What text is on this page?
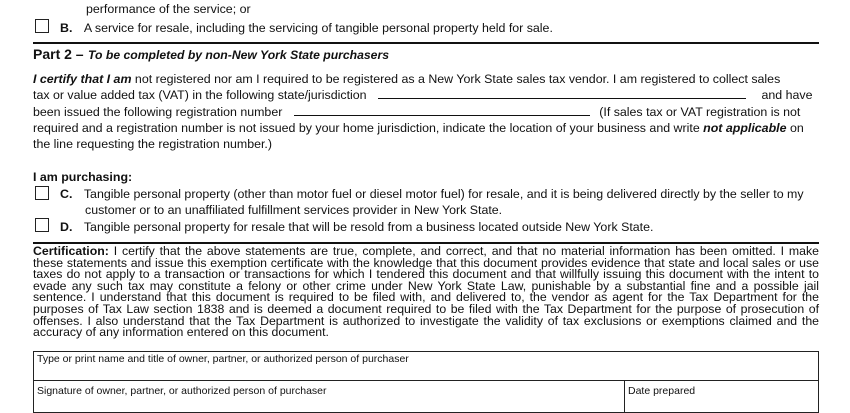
performance of the service; or
B. A service for resale, including the servicing of tangible personal property held for sale.
Part 2 – To be completed by non-New York State purchasers
I certify that I am not registered nor am I required to be registered as a New York State sales tax vendor. I am registered to collect sales
tax or value added tax (VAT) in the following state/jurisdiction	and have
been issued the following registration number	(If sales tax or VAT registration is not
required and a registration number is not issued by your home jurisdiction, indicate the location of your business and write not applicable on
the line requesting the registration number.)
I am purchasing:
C. Tangible personal property (other than motor fuel or diesel motor fuel) for resale, and it is being delivered directly by the seller to my
customer or to an unaffiliated fulfillment services provider in New York State.
D. Tangible personal property for resale that will be resold from a business located outside New York State.
Certification: I certify that the above statements are true, complete, and correct, and that no material information has been omitted. I make these statements and issue this exemption certificate with the knowledge that this document provides evidence that state and local sales or use taxes do not apply to a transaction or transactions for which I tendered this document and that willfully issuing this document with the intent to evade any such tax may constitute a felony or other crime under New York State Law, punishable by a substantial fine and a possible jail sentence. I understand that this document is required to be filed with, and delivered to, the vendor as agent for the Tax Department for the purposes of Tax Law section 1838 and is deemed a document required to be filed with the Tax Department for the purpose of prosecution of offenses. I also understand that the Tax Department is authorized to investigate the validity of tax exclusions or exemptions claimed and the accuracy of any information entered on this document.
Type or print name and title of owner, partner, or authorized person of purchaser
Signature of owner, partner, or authorized person of purchaser	Date prepared
